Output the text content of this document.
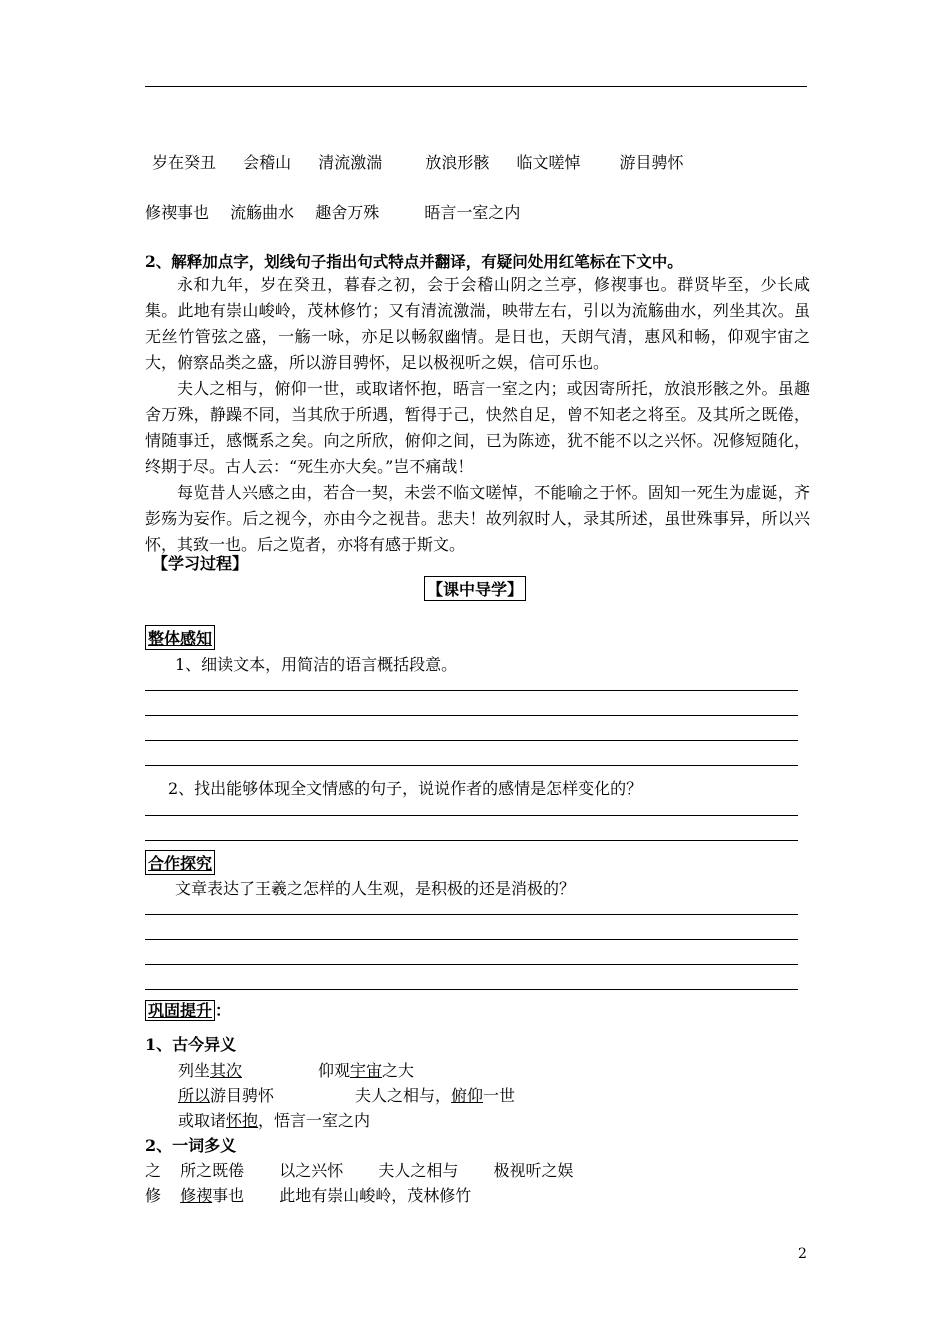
岁在癸丑 会稽山 清流激湍	放浪形骸 临文嗟悼 游目骋怀
修禊事也 流觞曲水 趣舍万殊	晤言一室之内
2、解释加点字，划线句子指出句式特点并翻译，有疑问处用红笔标在下文中。

永和九年，岁在癸丑，暮春之初，会于会稽山阴之兰亭，修禊事也。群贤毕至，少长咸集。此地有崇山峻岭，茂林修竹；又有清流激湍，映带左右，引以为流觞曲水，列坐其次。虽无丝竹管弦之盛，一觞一咏，亦足以畅叙幽情。是日也，天朗气清，惠风和畅，仰观宇宙之大，俯察品类之盛，所以游目骋怀，足以极视听之娱，信可乐也。

夫人之相与，俯仰一世，或取诸怀抱，晤言一室之内；或因寄所托，放浪形骸之外。虽趣舍万殊，静躁不同，当其欣于所遇，暂得于己，快然自足，曾不知老之将至。及其所之既倦，情随事迁，感慨系之矣。向之所欣，俯仰之间，已为陈迹，犹不能不以之兴怀。况修短随化，终期于尽。古人云：“死生亦大矣。”岂不痛哉！

每览昔人兴感之由，若合一契，未尝不临文嗟悼，不能喻之于怀。固知一死生为虚诞，齐彭殇为妄作。后之视今，亦由今之视昔。悲夫！故列叙时人，录其所述，虽世殊事异，所以兴怀，其致一也。后之览者，亦将有感于斯文。

【学习过程】
【课中导学】
整体感知
1、细读文本，用简洁的语言概括段意。
2、找出能够体现全文情感的句子，说说作者的感情是怎样变化的？
合作探究
文章表达了王羲之怎样的人生观，是积极的还是消极的？
巩固提升 ：
1、古今异义
列坐其次	仰观宇宙之大
所以游目骋怀	夫人之相与，俯仰一世
或取诸怀抱，悟言一室之内
2、一词多义
之 所之既倦 以之兴怀 夫人之相与 极视听之娱
修 修禊事也 此地有崇山峻岭，茂林修竹
2
